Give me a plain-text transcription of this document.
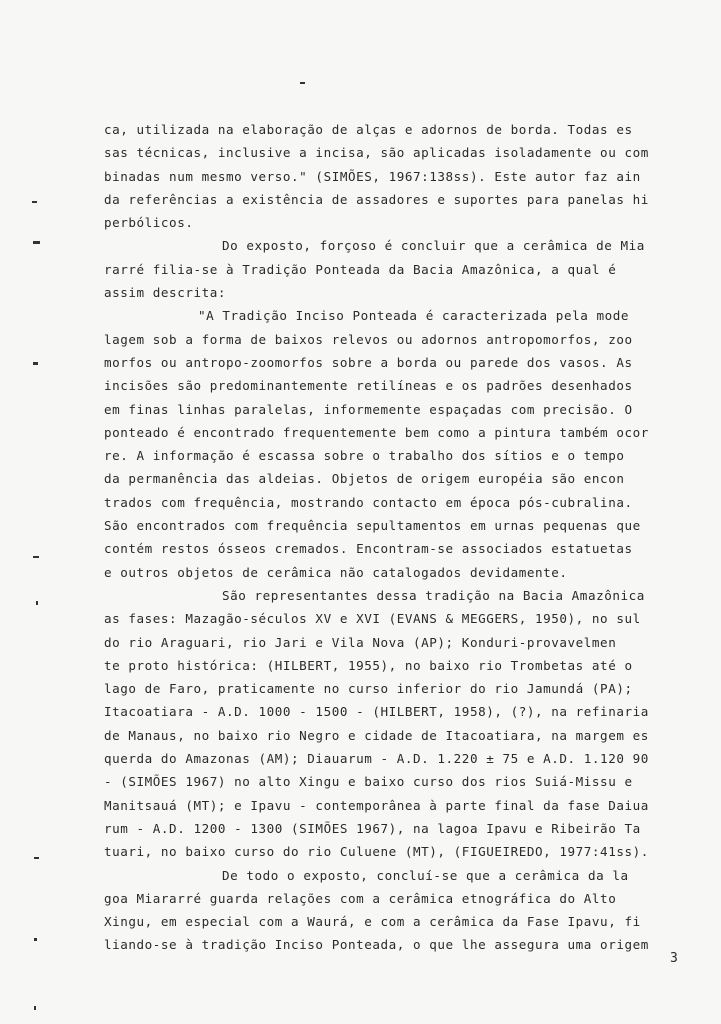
ca, utilizada na elaboração de alças e adornos de borda. Todas es
sas técnicas, inclusive a incisa, são aplicadas isoladamente ou com
binadas num mesmo verso." (SIMÕES, 1967:138ss). Este autor faz ain
da referências a existência de assadores e suportes para panelas hi
perbólicos.
Do exposto, forçoso é concluir que a cerâmica de Mia
rarré filia-se à Tradição Ponteada da Bacia Amazônica, a qual é
assim descrita:
"A Tradição Inciso Ponteada é caracterizada pela mode
lagem sob a forma de baixos relevos ou adornos antropomorfos, zoo
morfos ou antropo-zoomorfos sobre a borda ou parede dos vasos. As
incisões são predominantemente retilíneas e os padrões desenhados
em finas linhas paralelas, informemente espaçadas com precisão. O
ponteado é encontrado frequentemente bem como a pintura também ocor
re. A informação é escassa sobre o trabalho dos sítios e o tempo
da permanência das aldeias. Objetos de origem européia são encon
trados com frequência, mostrando contacto em época pós-cubralina.
São encontrados com frequência sepultamentos em urnas pequenas que
contém restos ósseos cremados. Encontram-se associados estatuetas
e outros objetos de cerâmica não catalogados devidamente.
São representantes dessa tradição na Bacia Amazônica
as fases: Mazagão-séculos XV e XVI (EVANS & MEGGERS, 1950), no sul
do rio Araguari, rio Jari e Vila Nova (AP); Konduri-provavelmen
te proto histórica: (HILBERT, 1955), no baixo rio Trombetas até o
lago de Faro, praticamente no curso inferior do rio Jamundá (PA);
Itacoatiara - A.D. 1000 - 1500 - (HILBERT, 1958), (?), na refinaria
de Manaus, no baixo rio Negro e cidade de Itacoatiara, na margem es
querda do Amazonas (AM); Diauarum - A.D. 1.220 ± 75 e A.D. 1.120 90
- (SIMÕES 1967) no alto Xingu e baixo curso dos rios Suiá-Missu e
Manitsauá (MT); e Ipavu - contemporânea à parte final da fase Daiua
rum - A.D. 1200 - 1300 (SIMÕES 1967), na lagoa Ipavu e Ribeirão Ta
tuari, no baixo curso do rio Culuene (MT), (FIGUEIREDO, 1977:41ss).
De todo o exposto, concluí-se que a cerâmica da la
goa Miararré guarda relações com a cerâmica etnográfica do Alto
Xingu, em especial com a Waurá, e com a cerâmica da Fase Ipavu, fi
liando-se à tradição Inciso Ponteada, o que lhe assegura uma origem
3
